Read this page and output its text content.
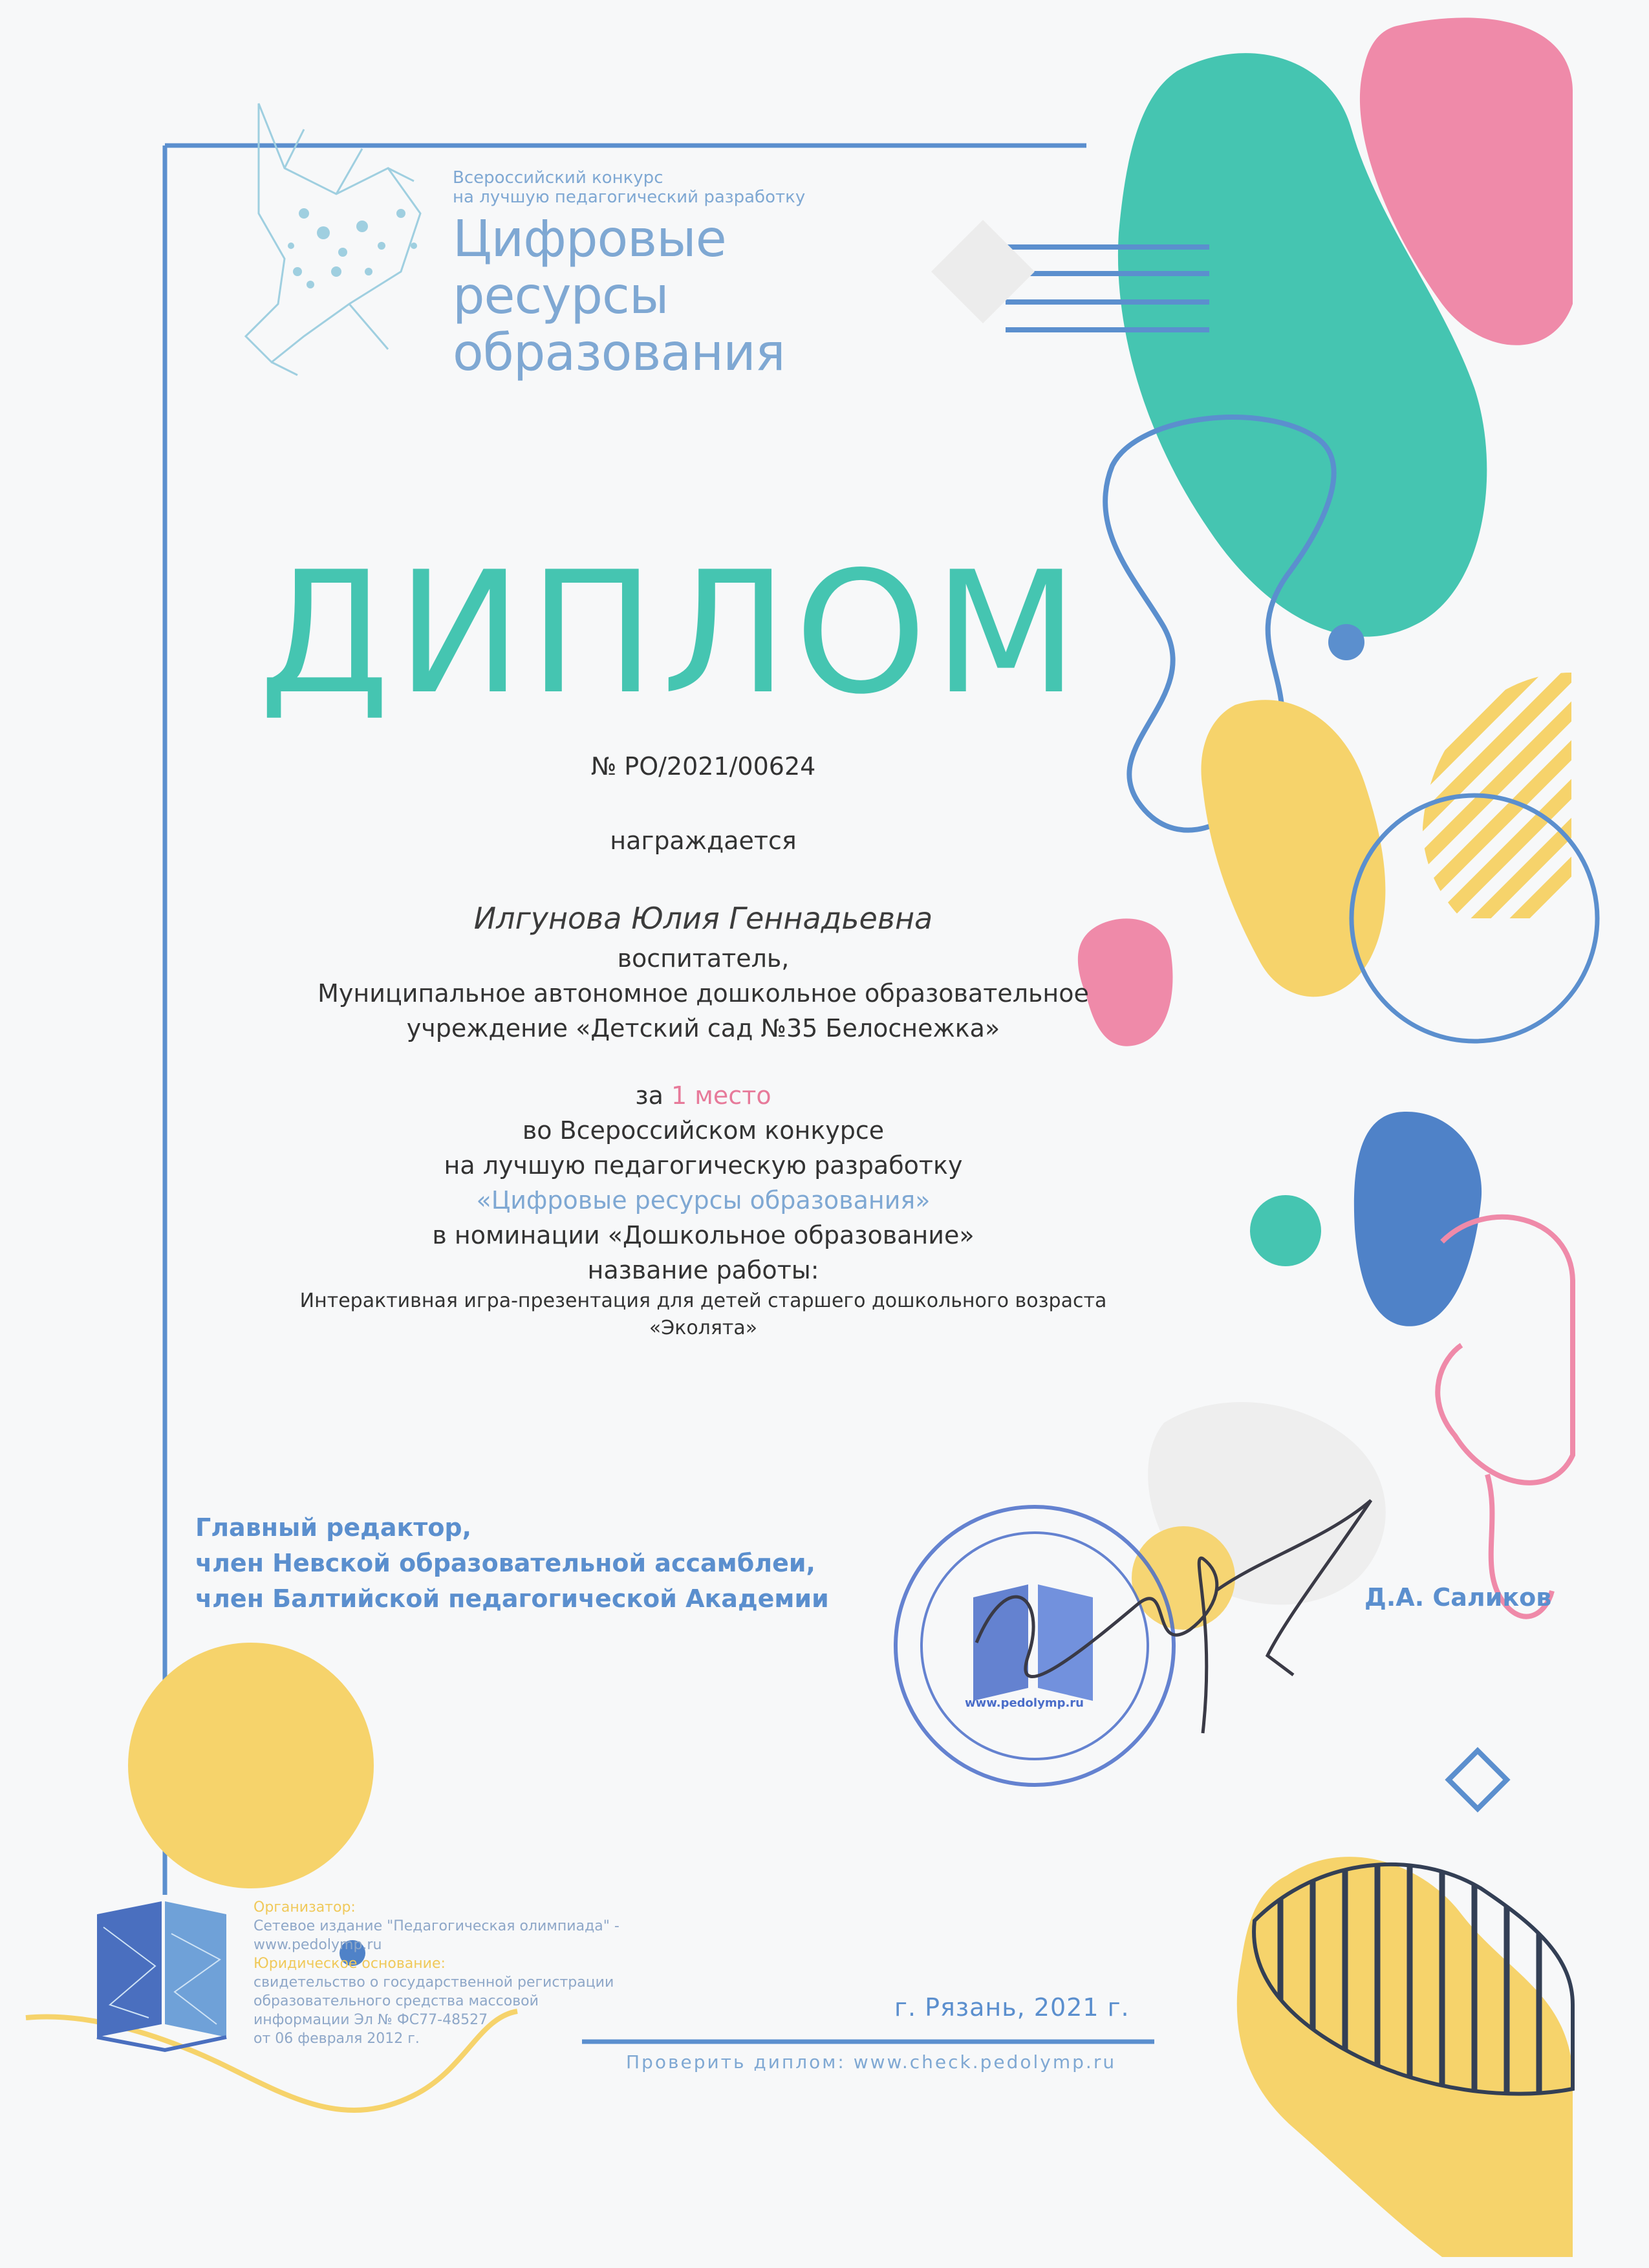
Всероссийский конкурс

на лучшую педагогический разработку

Цифровые
ресурсы
образования
ДИПЛОМ
№ РО/2021/00624
награждается
Илгунова Юлия Геннадьевна
воспитатель,
Муниципальное автономное дошкольное образовательное
учреждение «Детский сад №35 Белоснежка»
за 1 место
во Всероссийском конкурсе
на лучшую педагогическую разработку
«Цифровые ресурсы образования»
в номинации «Дошкольное образование»
название работы:
Интерактивная игра-презентация для детей старшего дошкольного возраста
«Эколята»
Главный редактор,
член Невской образовательной ассамблеи,
член Балтийской педагогической Академии
www.pedolymp.ru
Д.А. Саликов
Организатор:
Сетевое издание "Педагогическая олимпиада" - www.pedolymp.ru
Юридическое основание:
свидетельство о государственной регистрации
образовательного средства массовой
информации Эл № ФС77-48527
от 06 февраля 2012 г.
г. Рязань, 2021 г.
Проверить диплом: www.check.pedolymp.ru
